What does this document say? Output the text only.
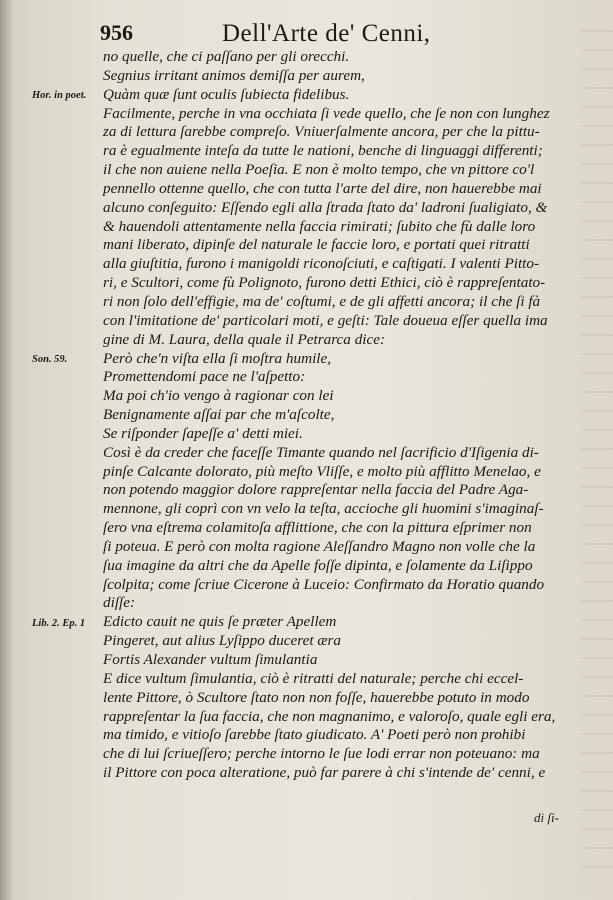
956	Dell'Arte de' Cenni,
Hor. in poet.
Son. 59.
Lib. 2. Ep. 1
no quelle, che ci paſſano per gli orecchi.
Segnius irritant animos demiſſa per aurem,
Quàm quæ ſunt oculis ſubiecta fidelibus.
Facilmente, perche in vna occhiata ſi vede quello, che ſe non con lunghez
za di lettura ſarebbe compreſo. Vniuerſalmente ancora, per che la pittu-
ra è egualmente inteſa da tutte le nationi, benche di linguaggi differenti;
il che non auiene nella Poeſia. E non è molto tempo, che vn pittore co'l
pennello ottenne quello, che con tutta l'arte del dire, non hauerebbe mai
alcuno conſeguito: Eſſendo egli alla ſtrada ſtato da' ladroni ſualigiato, &
& hauendoli attentamente nella faccia rimirati; ſubito che fù dalle loro
mani liberato, dipinſe del naturale le faccie loro, e portati quei ritratti
alla giuſtitia, furono i manigoldi riconoſciuti, e caſtigati. I valenti Pitto-
ri, e Scultori, come fù Polignoto, furono detti Ethici, ciò è rappreſentato-
ri non ſolo dell'effigie, ma de' coſtumi, e de gli affetti ancora; il che ſi fà
con l'imitatione de' particolari moti, e geſti: Tale doueua eſſer quella ima
gine di M. Laura, della quale il Petrarca dice:
Però che'n viſta ella ſi moſtra humile,
Promettendomi pace ne l'aſpetto:
Ma poi ch'io vengo à ragionar con lei
Benignamente aſſai par che m'aſcolte,
Se riſponder ſapeſſe a' detti miei.
Così è da creder che faceſſe Timante quando nel ſacrificio d'Iſigenia di-
pinſe Calcante dolorato, più meſto Vliſſe, e molto più afflitto Menelao, e
non potendo maggior dolore rappreſentar nella faccia del Padre Aga-
mennone, gli coprì con vn velo la teſta, accioche gli huomini s'imaginaſ-
ſero vna eſtrema colamitoſa afflittione, che con la pittura eſprimer non
ſi poteua. E però con molta ragione Aleſſandro Magno non volle che la
ſua imagine da altri che da Apelle foſſe dipinta, e ſolamente da Liſippo
ſcolpita; come ſcriue Cicerone à Luceio: Confirmato da Horatio quando
diſſe:
Edicto cauit ne quis ſe præter Apellem
Pingeret, aut alius Lyſippo duceret æra
Fortis Alexander vultum ſimulantia
E dice vultum ſimulantia, ciò è ritratti del naturale; perche chi eccel-
lente Pittore, ò Scultore ſtato non non foſſe, hauerebbe potuto in modo
rappreſentar la ſua faccia, che non magnanimo, e valoroſo, quale egli era,
ma timido, e vitioſo ſarebbe ſtato giudicato. A' Poeti però non prohibi
che di lui ſcriueſſero; perche intorno le ſue lodi errar non poteuano: ma
il Pittore con poca alteratione, può far parere à chi s'intende de' cenni, e
di ſi-
